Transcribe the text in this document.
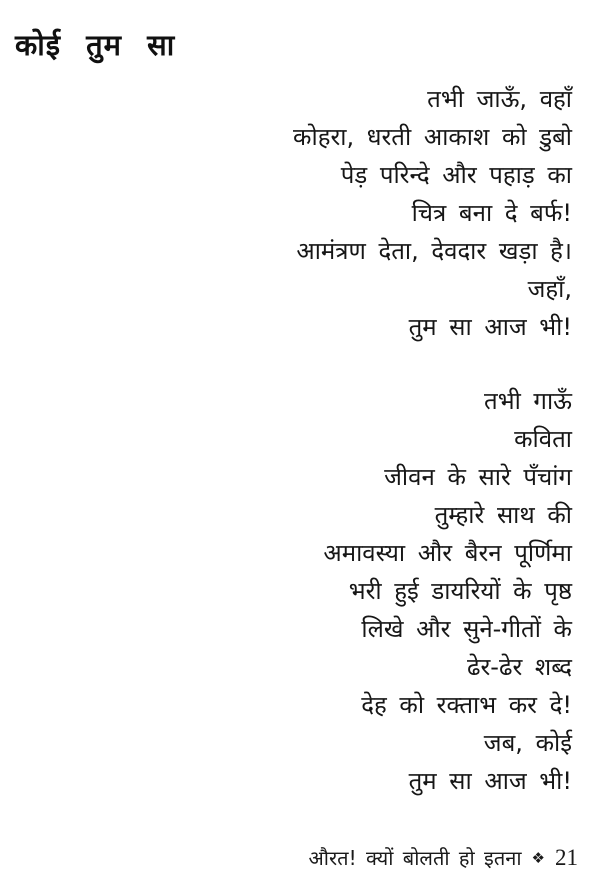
कोई तुम सा
तभी जाऊँ, वहाँ
कोहरा, धरती आकाश को डुबो
पेड़ परिन्दे और पहाड़ का
चित्र बना दे बर्फ!
आमंत्रण देता, देवदार खड़ा है।
जहाँ,
तुम सा आज भी!
तभी गाऊँ
कविता
जीवन के सारे पँचांग
तुम्हारे साथ की
अमावस्या और बैरन पूर्णिमा
भरी हुई डायरियों के पृष्ठ
लिखे और सुने-गीतों के
ढेर-ढेर शब्द
देह को रक्ताभ कर दे!
जब, कोई
तुम सा आज भी!
औरत! क्यों बोलती हो इतना ❖ 21
